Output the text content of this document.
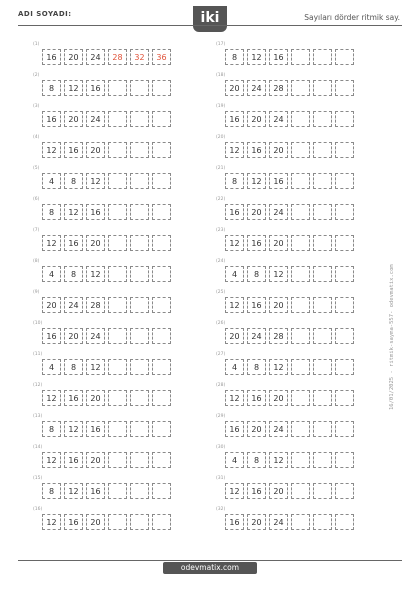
ADI SOYADI:	iki	Sayıları dörder ritmik say.
(1)
16	20	24	28	32	36
(2)
8	12	16
(3)
16	20	24
(4)
12	16	20
(5)
4	8	12
(6)
8	12	16
(7)
12	16	20
(8)
4	8	12
(9)
20	24	28
(10)
16	20	24
(11)
4	8	12
(12)
12	16	20
(13)
8	12	16
(14)
12	16	20
(15)
8	12	16
(16)
12	16	20
(17)
8	12	16
(18)
20	24	28
(19)
16	20	24
(20)
12	16	20
(21)
8	12	16
(22)
16	20	24
(23)
12	16	20
(24)
4	8	12
(25)
12	16	20
(26)
20	24	28
(27)
4	8	12
(28)
12	16	20
(29)
16	20	24
(30)
4	8	12
(31)
12	16	20
(32)
16	20	24
16/01/2025 - ritmik-sayma-557- odevmatix.com
odevmatix.com
